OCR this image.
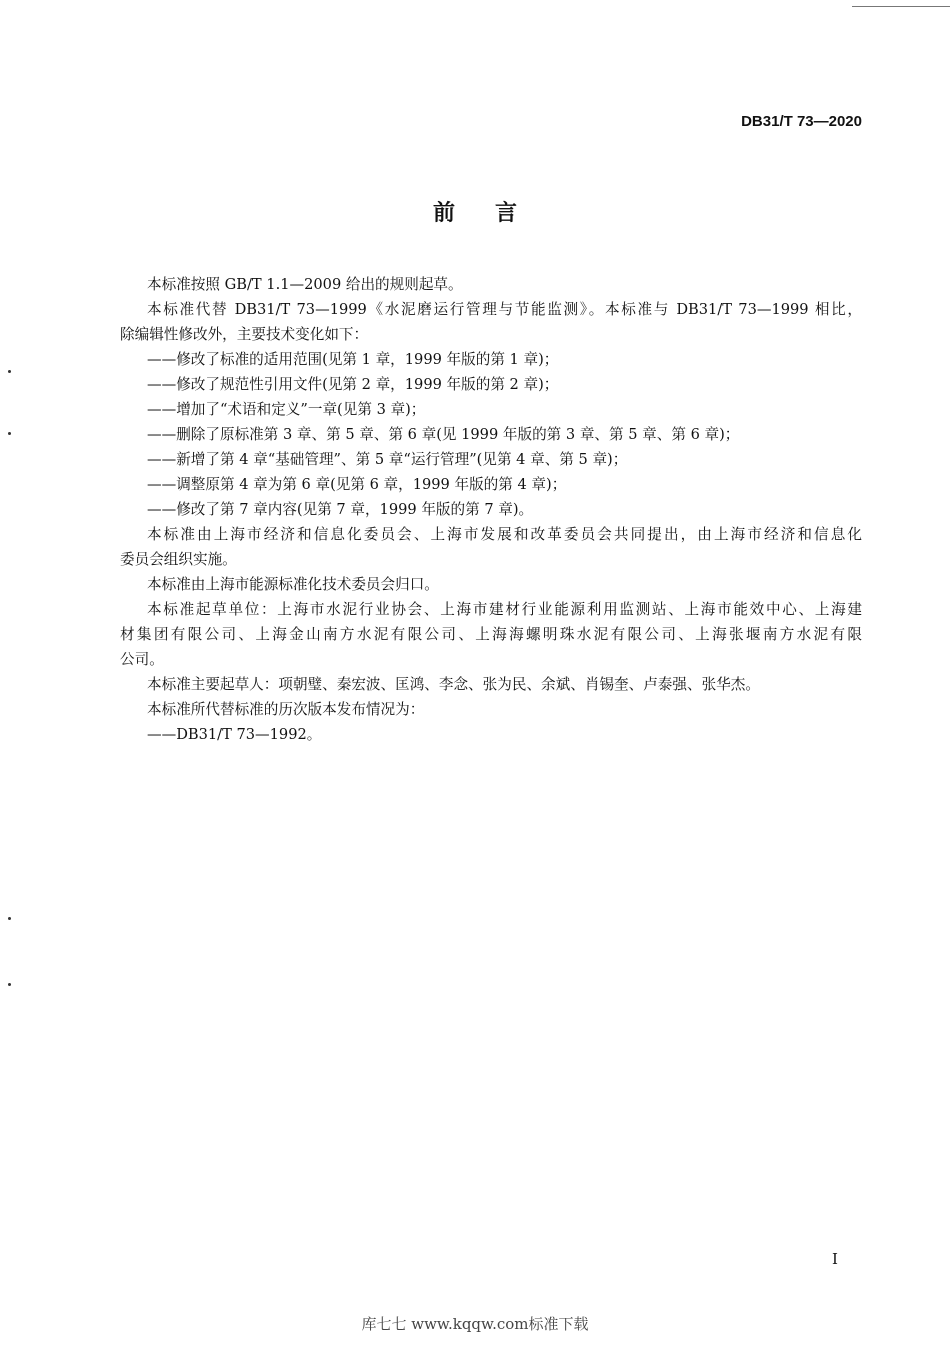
DB31/T 73—2020
前言
本标准按照 GB/T 1.1—2009 给出的规则起草。
本标准代替 DB31/T 73—1999《水泥磨运行管理与节能监测》。本标准与 DB31/T 73—1999 相比，
除编辑性修改外，主要技术变化如下：
——修改了标准的适用范围(见第 1 章，1999 年版的第 1 章)；
——修改了规范性引用文件(见第 2 章，1999 年版的第 2 章)；
——增加了“术语和定义”一章(见第 3 章)；
——删除了原标准第 3 章、第 5 章、第 6 章(见 1999 年版的第 3 章、第 5 章、第 6 章)；
——新增了第 4 章“基础管理”、第 5 章“运行管理”(见第 4 章、第 5 章)；
——调整原第 4 章为第 6 章(见第 6 章，1999 年版的第 4 章)；
——修改了第 7 章内容(见第 7 章，1999 年版的第 7 章)。
本标准由上海市经济和信息化委员会、上海市发展和改革委员会共同提出，由上海市经济和信息化
委员会组织实施。
本标准由上海市能源标准化技术委员会归口。
本标准起草单位：上海市水泥行业协会、上海市建材行业能源利用监测站、上海市能效中心、上海建
材集团有限公司、上海金山南方水泥有限公司、上海海螺明珠水泥有限公司、上海张堰南方水泥有限
公司。
本标准主要起草人：项朝璧、秦宏波、匡鸿、李念、张为民、余斌、肖锡奎、卢泰强、张华杰。
本标准所代替标准的历次版本发布情况为：
——DB31/T 73—1992。
I
库七七 www.kqqw.com标准下载
